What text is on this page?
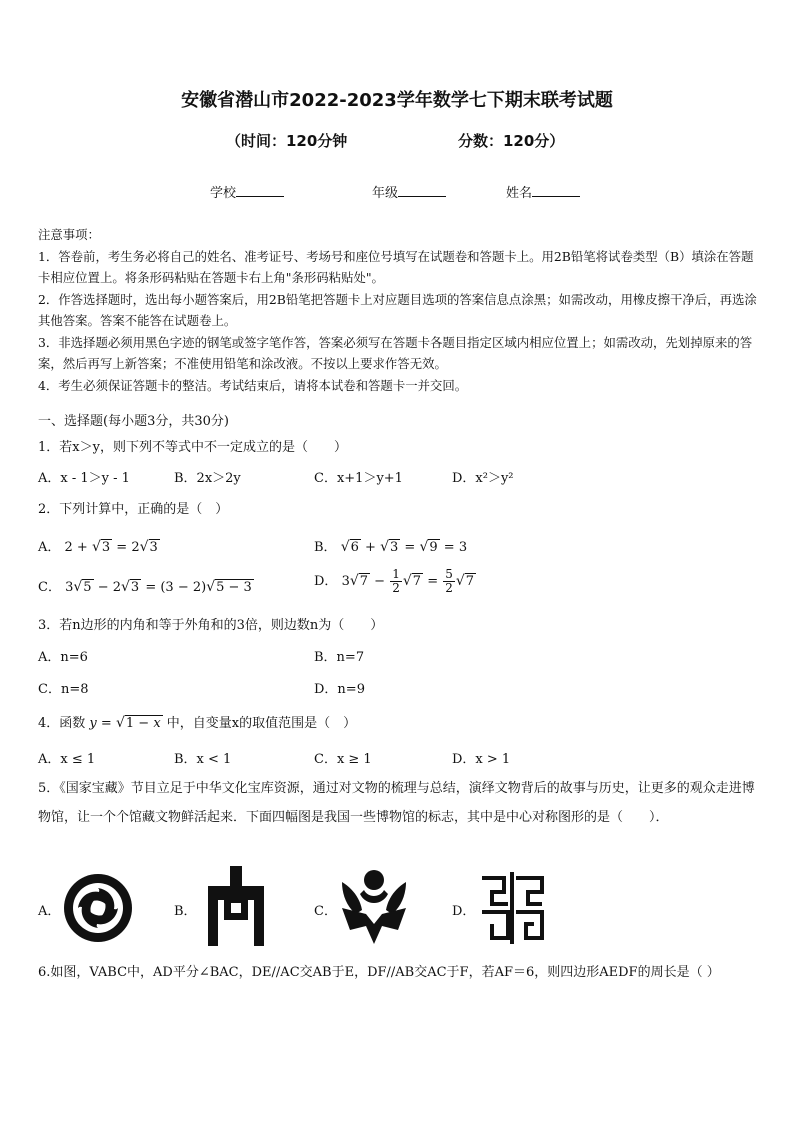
安徽省潜山市2022-2023学年数学七下期末联考试题
（时间：120分钟	分数：120分）
学校	年级	姓名

注意事项：

1．答卷前，考生务必将自己的姓名、准考证号、考场号和座位号填写在试题卷和答题卡上。用2B铅笔将试卷类型（B）填涂在答题卡相应位置上。将条形码粘贴在答题卡右上角"条形码粘贴处"。

2．作答选择题时，选出每小题答案后，用2B铅笔把答题卡上对应题目选项的答案信息点涂黑；如需改动，用橡皮擦干净后，再选涂其他答案。答案不能答在试题卷上。

3．非选择题必须用黑色字迹的钢笔或签字笔作答，答案必须写在答题卡各题目指定区域内相应位置上；如需改动，先划掉原来的答案，然后再写上新答案；不准使用铅笔和涂改液。不按以上要求作答无效。

4．考生必须保证答题卡的整洁。考试结束后，请将本试卷和答题卡一并交回。

一、选择题(每小题3分，共30分)
1．若x＞y，则下列不等式中不一定成立的是（　　）
A．x - 1＞y - 1	B．2x＞2y	C．x+1＞y+1	D．x²＞y²
2．下列计算中，正确的是（　）
A． 2 + √3 = 2√3	B． √6 + √3 = √9 = 3
C． 3√5 − 2√3 = (3 − 2)√5 − 3	D． $3√7 - \frac{1}{2} √7 = \frac{5}{2} √7$
3．若n边形的内角和等于外角和的3倍，则边数n为（　　）
A．n=6	B．n=7
C．n=8	D．n=9
4．函数 y = √1 − x 中，自变量x的取值范围是（　）
A．x ≤ 1	B．x < 1	C．x ≥ 1	D．x > 1
5．《国家宝藏》节目立足于中华文化宝库资源，通过对文物的梳理与总结，演绎文物背后的故事与历史，让更多的观众走进博物馆，让一个个馆藏文物鲜活起来．下面四幅图是我国一些博物馆的标志，其中是中心对称图形的是（　　）．
A．	B．	C．	D．
6.如图，VABC中，AD平分∠BAC，DE//AC交AB于E，DF//AB交AC于F，若AF＝6，则四边形AEDF的周长是（ ）
